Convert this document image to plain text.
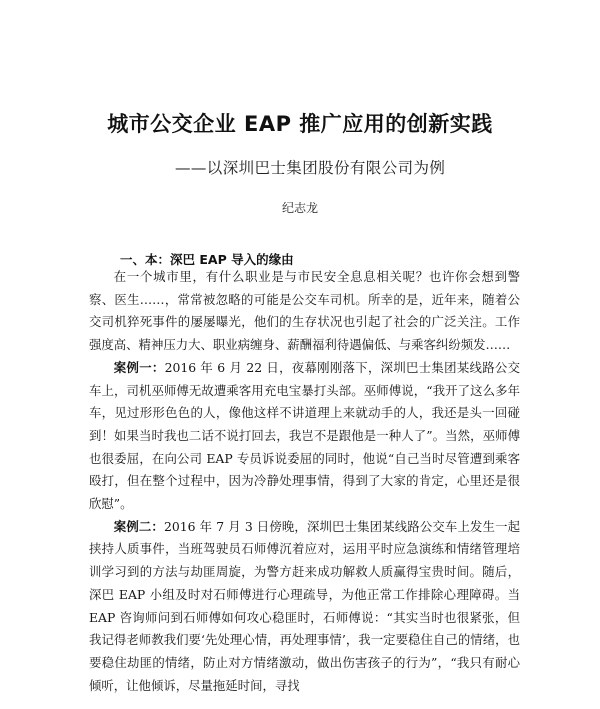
城市公交企业 EAP 推广应用的创新实践
——以深圳巴士集团股份有限公司为例
纪志龙
一、本：深巴 EAP 导入的缘由

在一个城市里，有什么职业是与市民安全息息相关呢？也许你会想到警察、医生……，常常被忽略的可能是公交车司机。所幸的是，近年来，随着公交司机猝死事件的屡屡曝光，他们的生存状况也引起了社会的广泛关注。工作强度高、精神压力大、职业病缠身、薪酬福利待遇偏低、与乘客纠纷频发……

案例一：2016 年 6 月 22 日，夜幕刚刚落下，深圳巴士集团某线路公交车上，司机巫师傅无故遭乘客用充电宝暴打头部。巫师傅说，“我开了这么多年车，见过形形色色的人，像他这样不讲道理上来就动手的人，我还是头一回碰到！如果当时我也二话不说打回去，我岂不是跟他是一种人了”。当然，巫师傅也很委屈，在向公司 EAP 专员诉说委屈的同时，他说“自己当时尽管遭到乘客殴打，但在整个过程中，因为冷静处理事情，得到了大家的肯定，心里还是很欣慰”。

案例二：2016 年 7 月 3 日傍晚，深圳巴士集团某线路公交车上发生一起挟持人质事件，当班驾驶员石师傅沉着应对，运用平时应急演练和情绪管理培训学习到的方法与劫匪周旋，为警方赶来成功解救人质赢得宝贵时间。随后，深巴 EAP 小组及时对石师傅进行心理疏导，为他正常工作排除心理障碍。当 EAP 咨询师问到石师傅如何攻心稳匪时，石师傅说：“其实当时也很紧张，但我记得老师教我们要‘先处理心情，再处理事情’，我一定要稳住自己的情绪，也要稳住劫匪的情绪，防止对方情绪激动，做出伤害孩子的行为”，“我只有耐心倾听，让他倾诉，尽量拖延时间，寻找
